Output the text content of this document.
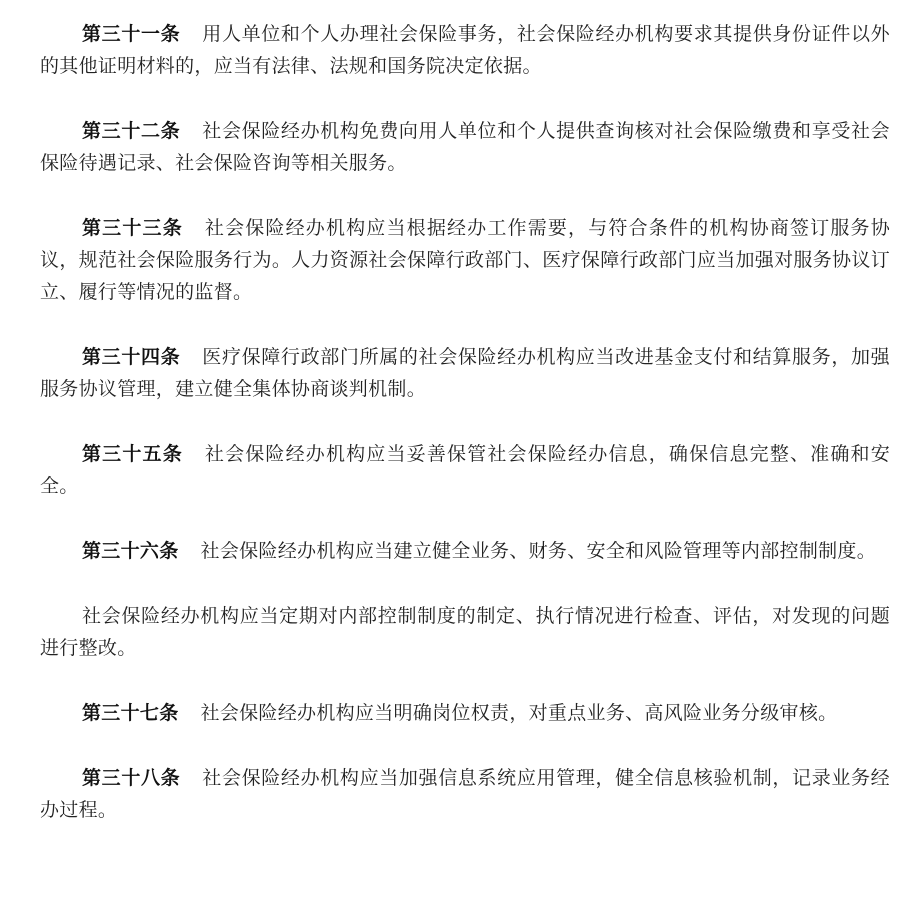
第三十一条 用人单位和个人办理社会保险事务，社会保险经办机构要求其提供身份证件以外的其他证明材料的，应当有法律、法规和国务院决定依据。

第三十二条 社会保险经办机构免费向用人单位和个人提供查询核对社会保险缴费和享受社会保险待遇记录、社会保险咨询等相关服务。

第三十三条 社会保险经办机构应当根据经办工作需要，与符合条件的机构协商签订服务协议，规范社会保险服务行为。人力资源社会保障行政部门、医疗保障行政部门应当加强对服务协议订立、履行等情况的监督。

第三十四条 医疗保障行政部门所属的社会保险经办机构应当改进基金支付和结算服务，加强服务协议管理，建立健全集体协商谈判机制。

第三十五条 社会保险经办机构应当妥善保管社会保险经办信息，确保信息完整、准确和安全。

第三十六条 社会保险经办机构应当建立健全业务、财务、安全和风险管理等内部控制制度。

社会保险经办机构应当定期对内部控制制度的制定、执行情况进行检查、评估，对发现的问题进行整改。

第三十七条 社会保险经办机构应当明确岗位权责，对重点业务、高风险业务分级审核。

第三十八条 社会保险经办机构应当加强信息系统应用管理，健全信息核验机制，记录业务经办过程。
